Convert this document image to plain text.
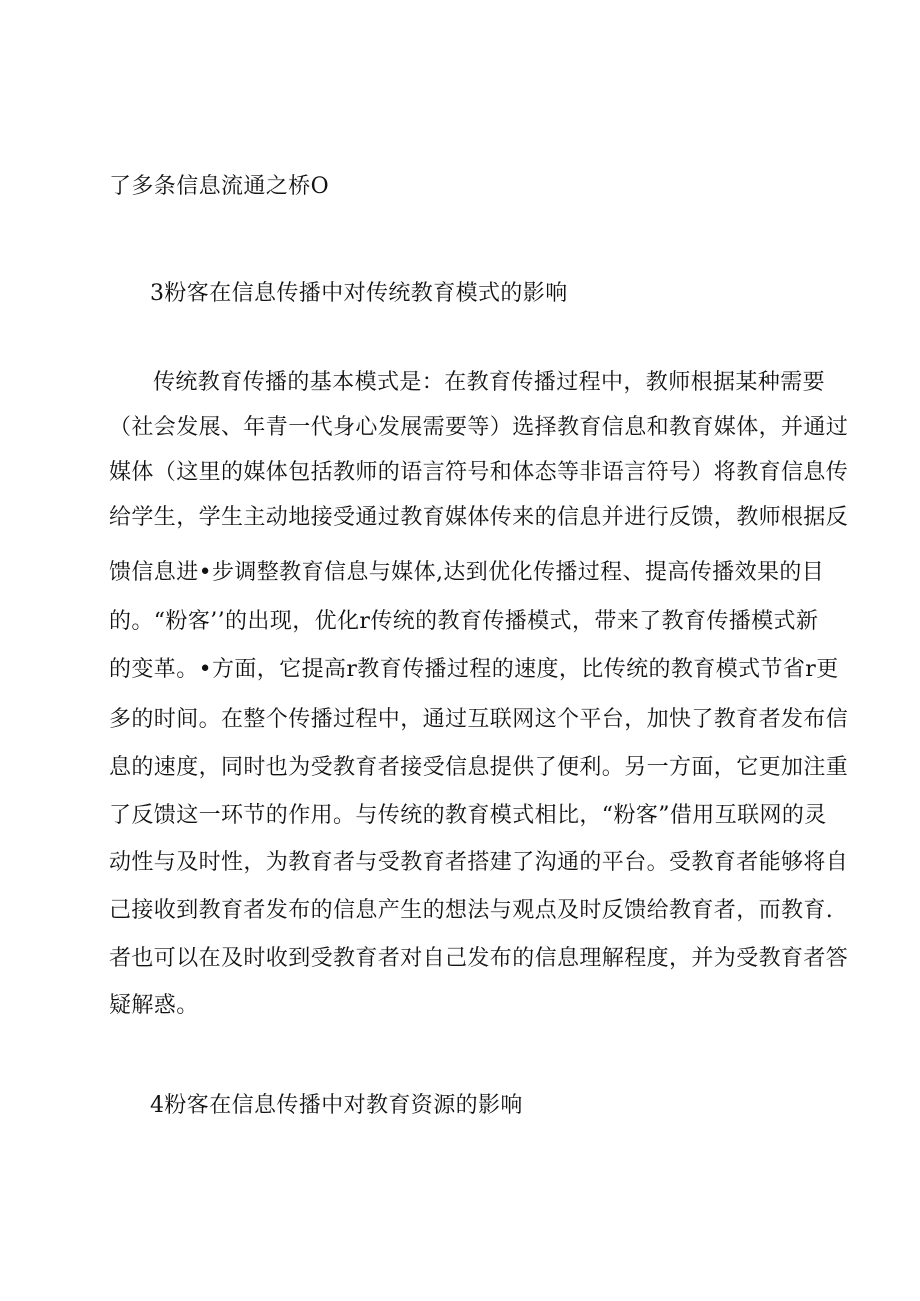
了多条信息流通之桥O
3粉客在信息传播中对传统教育模式的影响
传统教育传播的基本模式是：在教育传播过程中，教师根据某种需要
（社会发展、年青一代身心发展需要等）选择教育信息和教育媒体，并通过
媒体（这里的媒体包括教师的语言符号和体态等非语言符号）将教育信息传
给学生，学生主动地接受通过教育媒体传来的信息并进行反馈，教师根据反
馈信息进•步调整教育信息与媒体,达到优化传播过程、提高传播效果的目
的。“粉客’’的出现，优化r传统的教育传播模式，带来了教育传播模式新
的变革。•方面，它提高r教育传播过程的速度，比传统的教育模式节省r更
多的时间。在整个传播过程中，通过互联网这个平台，加快了教育者发布信
息的速度，同时也为受教育者接受信息提供了便利。另一方面，它更加注重
了反馈这一环节的作用。与传统的教育模式相比，“粉客”借用互联网的灵
动性与及时性，为教育者与受教育者搭建了沟通的平台。受教育者能够将自
己接收到教育者发布的信息产生的想法与观点及时反馈给教育者，而教育.
者也可以在及时收到受教育者对自己发布的信息理解程度，并为受教育者答
疑解惑。
4粉客在信息传播中对教育资源的影响
